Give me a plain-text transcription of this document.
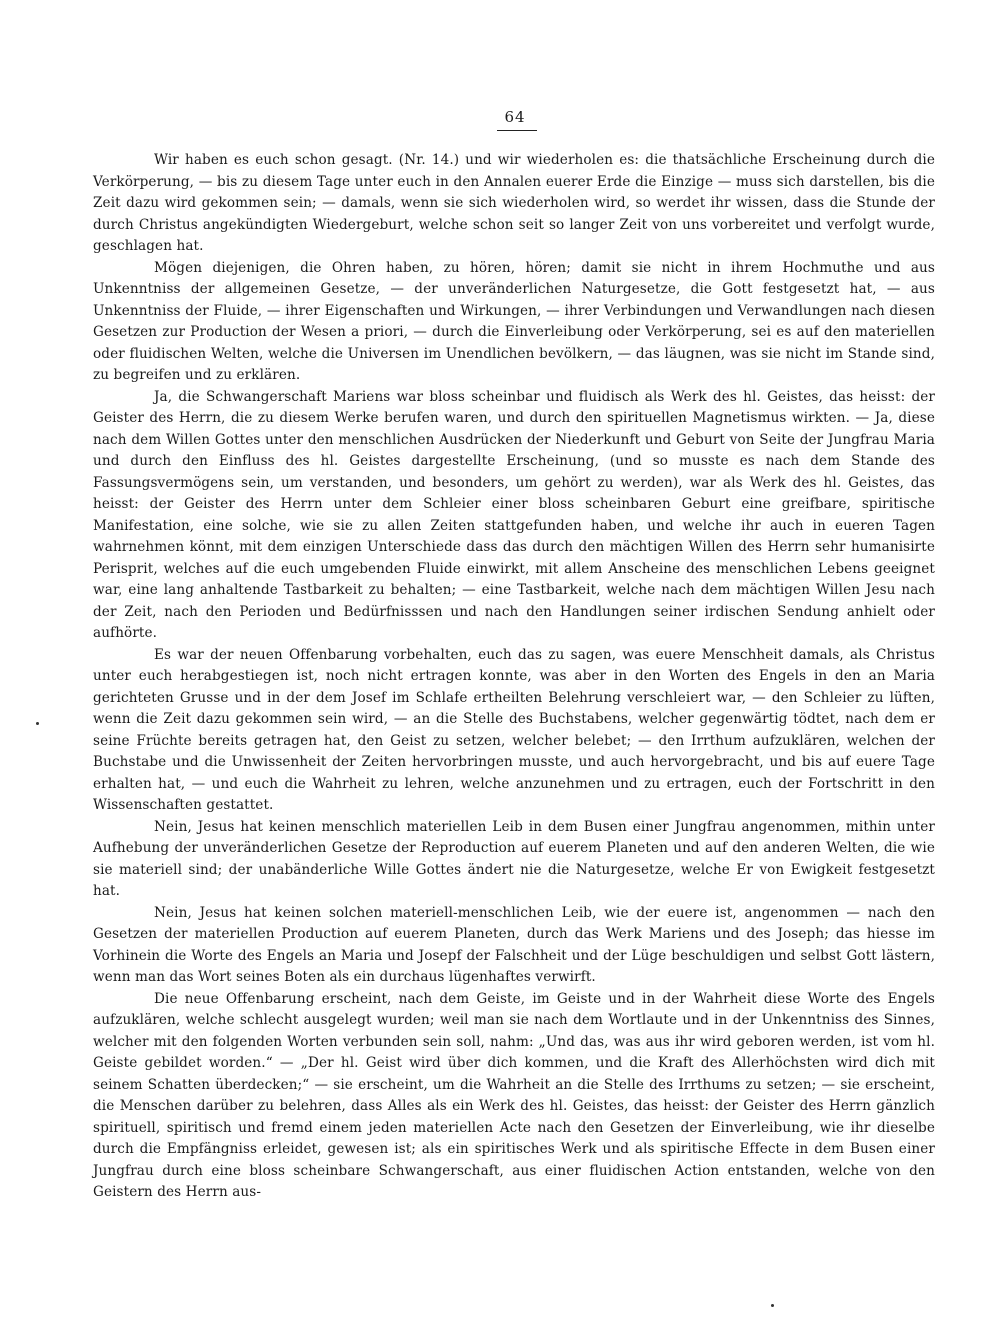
64

Wir haben es euch schon gesagt. (Nr. 14.) und wir wiederholen es: die thatsächliche Erscheinung durch die Verkörperung, — bis zu diesem Tage unter euch in den Annalen euerer Erde die Einzige — muss sich darstellen, bis die Zeit dazu wird gekommen sein; — damals, wenn sie sich wiederholen wird, so werdet ihr wissen, dass die Stunde der durch Christus angekündigten Wiedergeburt, welche schon seit so langer Zeit von uns vorbereitet und verfolgt wurde, geschlagen hat.

Mögen diejenigen, die Ohren haben, zu hören, hören; damit sie nicht in ihrem Hochmuthe und aus Unkenntniss der allgemeinen Gesetze, — der unveränderlichen Naturgesetze, die Gott festgesetzt hat, — aus Unkenntniss der Fluide, — ihrer Eigenschaften und Wirkungen, — ihrer Verbindungen und Verwandlungen nach diesen Gesetzen zur Production der Wesen a priori, — durch die Einverleibung oder Verkörperung, sei es auf den materiellen oder fluidischen Welten, welche die Universen im Unendlichen bevölkern, — das läugnen, was sie nicht im Stande sind, zu begreifen und zu erklären.

Ja, die Schwangerschaft Mariens war bloss scheinbar und fluidisch als Werk des hl. Geistes, das heisst: der Geister des Herrn, die zu diesem Werke berufen waren, und durch den spirituellen Magnetismus wirkten. — Ja, diese nach dem Willen Gottes unter den menschlichen Ausdrücken der Niederkunft und Geburt von Seite der Jungfrau Maria und durch den Einfluss des hl. Geistes dargestellte Erscheinung, (und so musste es nach dem Stande des Fassungsvermögens sein, um verstanden, und besonders, um gehört zu werden), war als Werk des hl. Geistes, das heisst: der Geister des Herrn unter dem Schleier einer bloss scheinbaren Geburt eine greifbare, spiritische Manifestation, eine solche, wie sie zu allen Zeiten stattgefunden haben, und welche ihr auch in eueren Tagen wahrnehmen könnt, mit dem einzigen Unterschiede dass das durch den mächtigen Willen des Herrn sehr humanisirte Perisprit, welches auf die euch umgebenden Fluide einwirkt, mit allem Anscheine des menschlichen Lebens geeignet war, eine lang anhaltende Tastbarkeit zu behalten; — eine Tastbarkeit, welche nach dem mächtigen Willen Jesu nach der Zeit, nach den Perioden und Bedürfnisssen und nach den Handlungen seiner irdischen Sendung anhielt oder aufhörte.

Es war der neuen Offenbarung vorbehalten, euch das zu sagen, was euere Menschheit damals, als Christus unter euch herabgestiegen ist, noch nicht ertragen konnte, was aber in den Worten des Engels in den an Maria gerichteten Grusse und in der dem Josef im Schlafe ertheilten Belehrung verschleiert war, — den Schleier zu lüften, wenn die Zeit dazu gekommen sein wird, — an die Stelle des Buchstabens, welcher gegenwärtig tödtet, nach dem er seine Früchte bereits getragen hat, den Geist zu setzen, welcher belebet; — den Irrthum aufzuklären, welchen der Buchstabe und die Unwissenheit der Zeiten hervorbringen musste, und auch hervorgebracht, und bis auf euere Tage erhalten hat, — und euch die Wahrheit zu lehren, welche anzunehmen und zu ertragen, euch der Fortschritt in den Wissenschaften gestattet.

Nein, Jesus hat keinen menschlich materiellen Leib in dem Busen einer Jungfrau angenommen, mithin unter Aufhebung der unveränderlichen Gesetze der Reproduction auf euerem Planeten und auf den anderen Welten, die wie sie materiell sind; der unabänderliche Wille Gottes ändert nie die Naturgesetze, welche Er von Ewigkeit festgesetzt hat.

Nein, Jesus hat keinen solchen materiell-menschlichen Leib, wie der euere ist, angenommen — nach den Gesetzen der materiellen Production auf euerem Planeten, durch das Werk Mariens und des Joseph; das hiesse im Vorhinein die Worte des Engels an Maria und Josepf der Falschheit und der Lüge beschuldigen und selbst Gott lästern, wenn man das Wort seines Boten als ein durchaus lügenhaftes verwirft.

Die neue Offenbarung erscheint, nach dem Geiste, im Geiste und in der Wahrheit diese Worte des Engels aufzuklären, welche schlecht ausgelegt wurden; weil man sie nach dem Wortlaute und in der Unkenntniss des Sinnes, welcher mit den folgenden Worten verbunden sein soll, nahm: „Und das, was aus ihr wird geboren werden, ist vom hl. Geiste gebildet worden.“ — „Der hl. Geist wird über dich kommen, und die Kraft des Allerhöchsten wird dich mit seinem Schatten überdecken;“ — sie erscheint, um die Wahrheit an die Stelle des Irrthums zu setzen; — sie erscheint, die Menschen darüber zu belehren, dass Alles als ein Werk des hl. Geistes, das heisst: der Geister des Herrn gänzlich spirituell, spiritisch und fremd einem jeden materiellen Acte nach den Gesetzen der Einverleibung, wie ihr dieselbe durch die Empfängniss erleidet, gewesen ist; als ein spiritisches Werk und als spiritische Effecte in dem Busen einer Jungfrau durch eine bloss scheinbare Schwangerschaft, aus einer fluidischen Action entstanden, welche von den Geistern des Herrn aus-
